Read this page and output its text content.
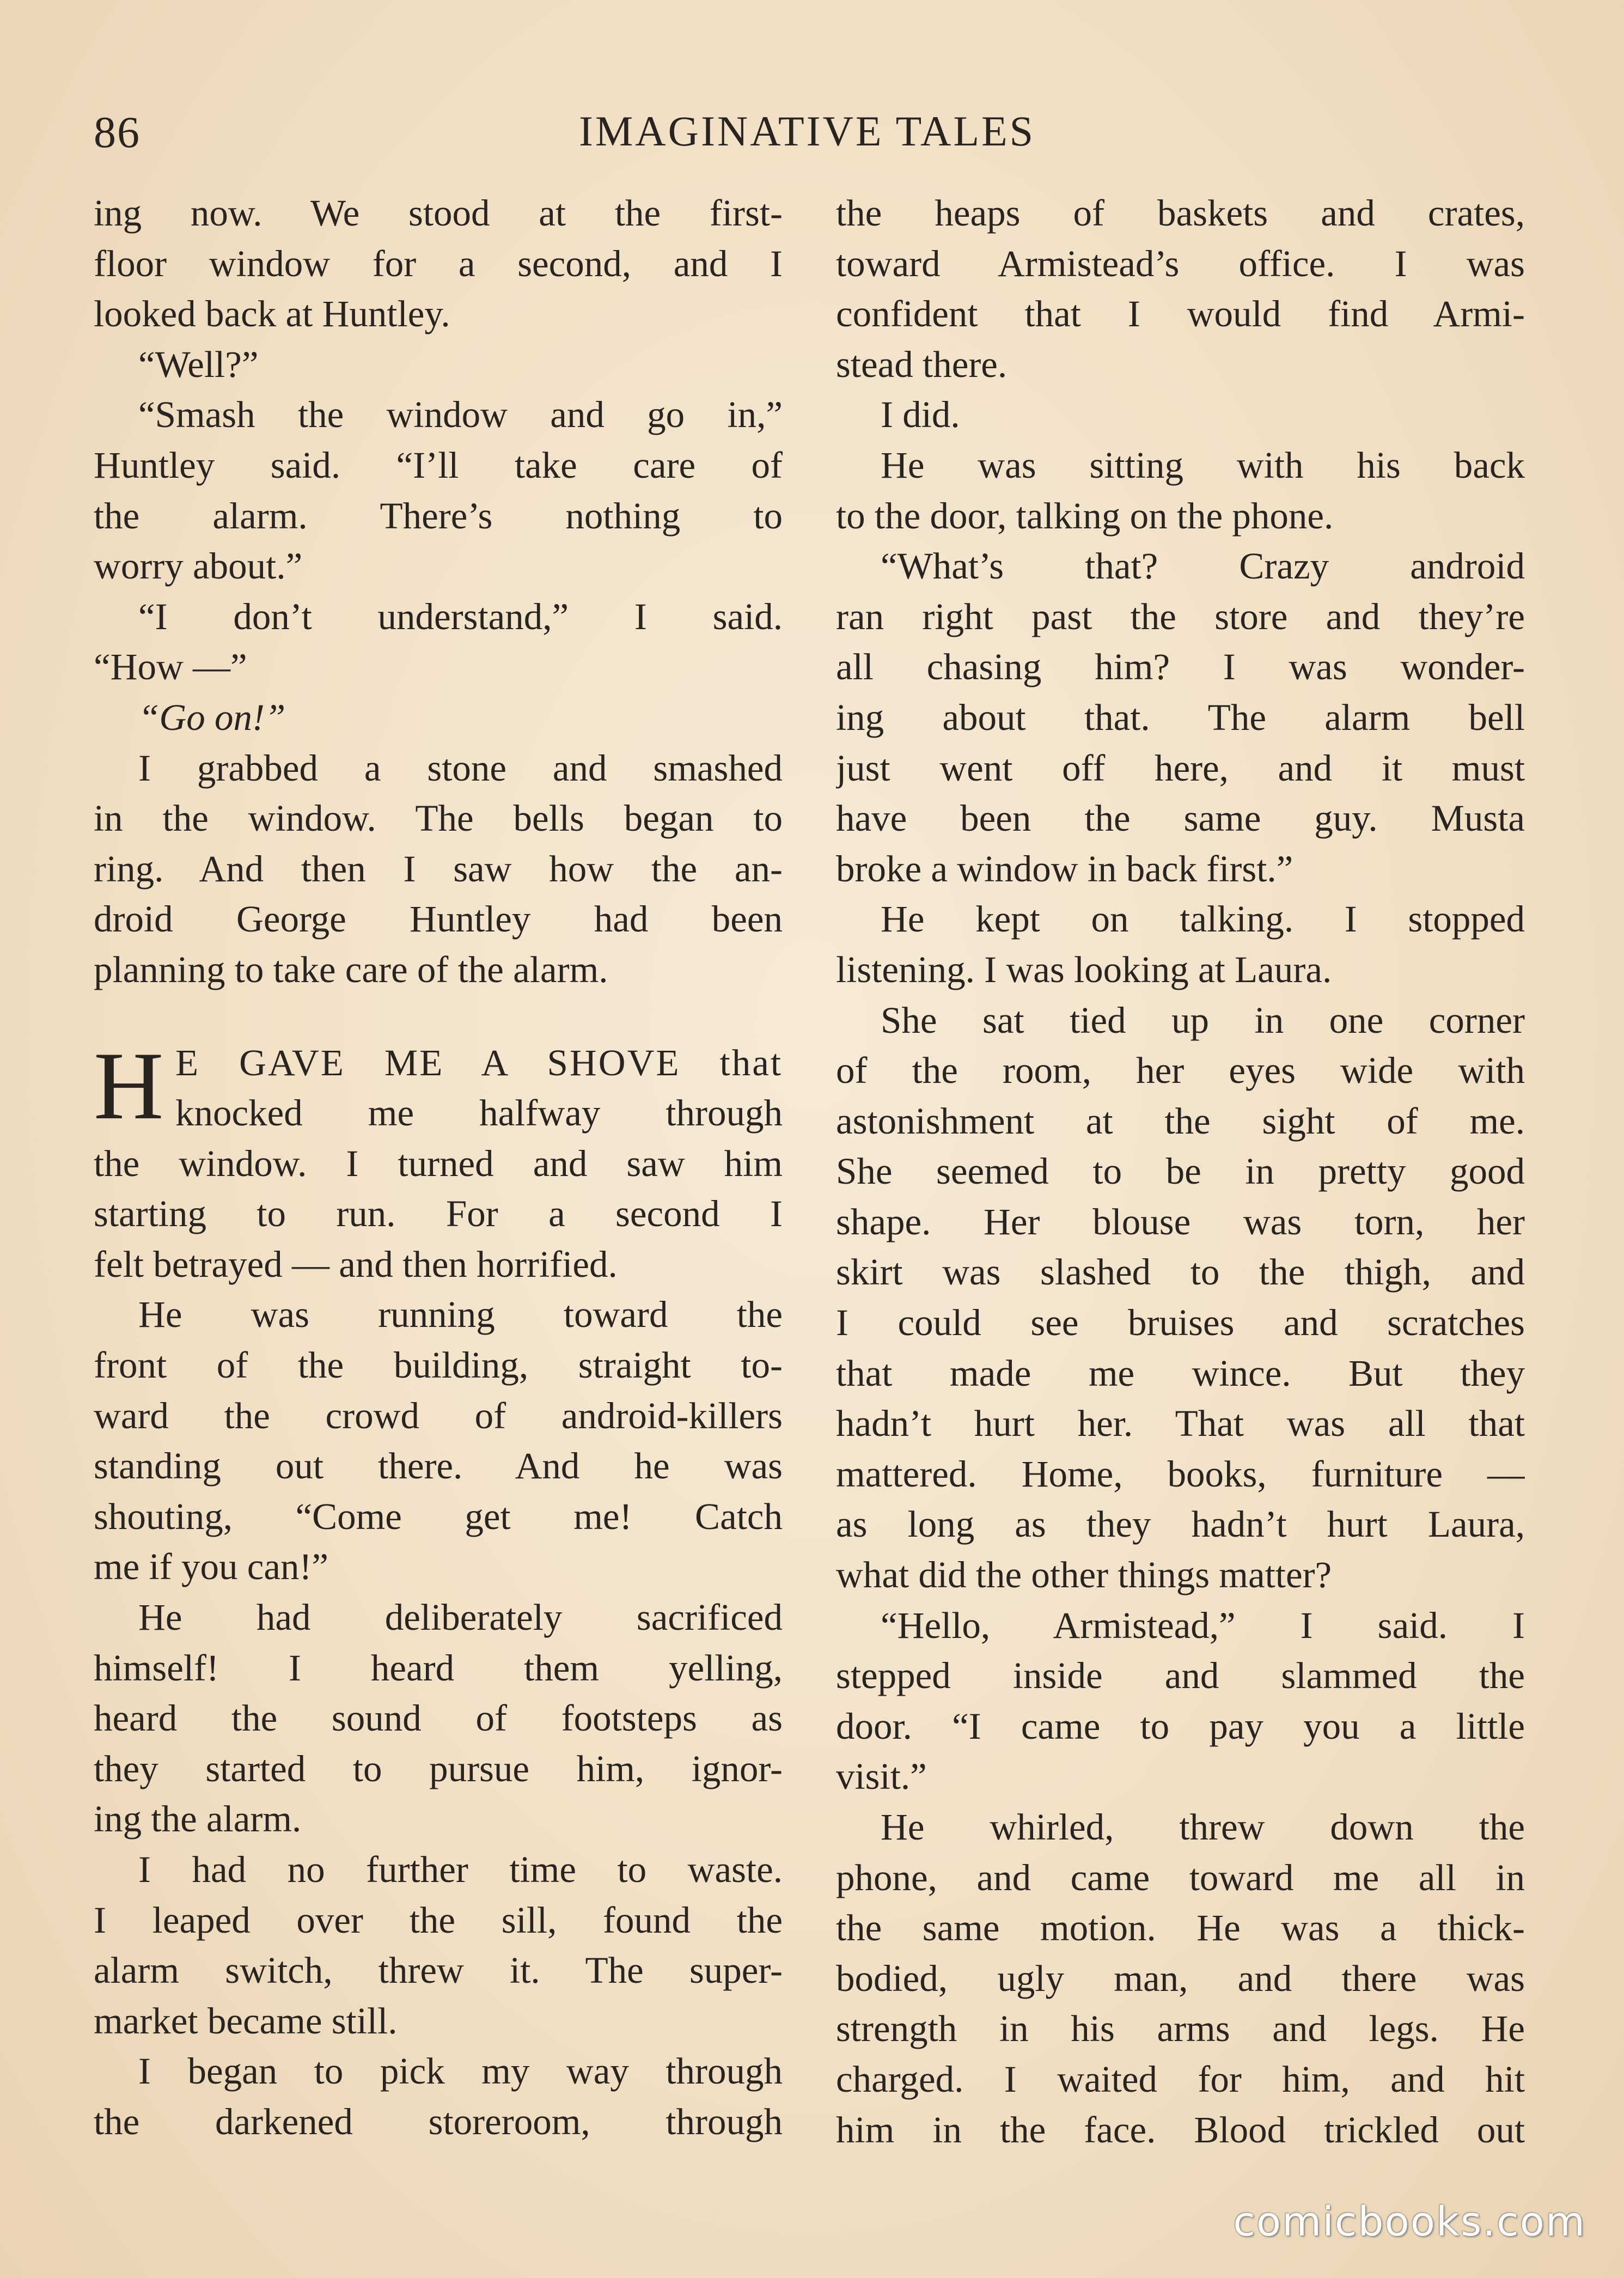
86	IMAGINATIVE TALES
ing now. We stood at the first-
floor window for a second, and I
looked back at Huntley.
“Well?”
“Smash the window and go in,”
Huntley said. “I’ll take care of
the alarm. There’s nothing to
worry about.”
“I don’t understand,” I said.
“How —”
“Go on!”
I grabbed a stone and smashed
in the window. The bells began to
ring. And then I saw how the an-
droid George Huntley had been
planning to take care of the alarm.
H E GAVE ME A SHOVE that
knocked me halfway through
the window. I turned and saw him
starting to run. For a second I
felt betrayed — and then horrified.
He was running toward the
front of the building, straight to-
ward the crowd of android-killers
standing out there. And he was
shouting, “Come get me! Catch
me if you can!”
He had deliberately sacrificed
himself! I heard them yelling,
heard the sound of footsteps as
they started to pursue him, ignor-
ing the alarm.
I had no further time to waste.
I leaped over the sill, found the
alarm switch, threw it. The super-
market became still.
I began to pick my way through
the darkened storeroom, through
the heaps of baskets and crates,
toward Armistead’s office. I was
confident that I would find Armi-
stead there.
I did.
He was sitting with his back
to the door, talking on the phone.
“What’s that? Crazy android
ran right past the store and they’re
all chasing him? I was wonder-
ing about that. The alarm bell
just went off here, and it must
have been the same guy. Musta
broke a window in back first.”
He kept on talking. I stopped
listening. I was looking at Laura.
She sat tied up in one corner
of the room, her eyes wide with
astonishment at the sight of me.
She seemed to be in pretty good
shape. Her blouse was torn, her
skirt was slashed to the thigh, and
I could see bruises and scratches
that made me wince. But they
hadn’t hurt her. That was all that
mattered. Home, books, furniture —
as long as they hadn’t hurt Laura,
what did the other things matter?
“Hello, Armistead,” I said. I
stepped inside and slammed the
door. “I came to pay you a little
visit.”
He whirled, threw down the
phone, and came toward me all in
the same motion. He was a thick-
bodied, ugly man, and there was
strength in his arms and legs. He
charged. I waited for him, and hit
him in the face. Blood trickled out
comicbooks.com
